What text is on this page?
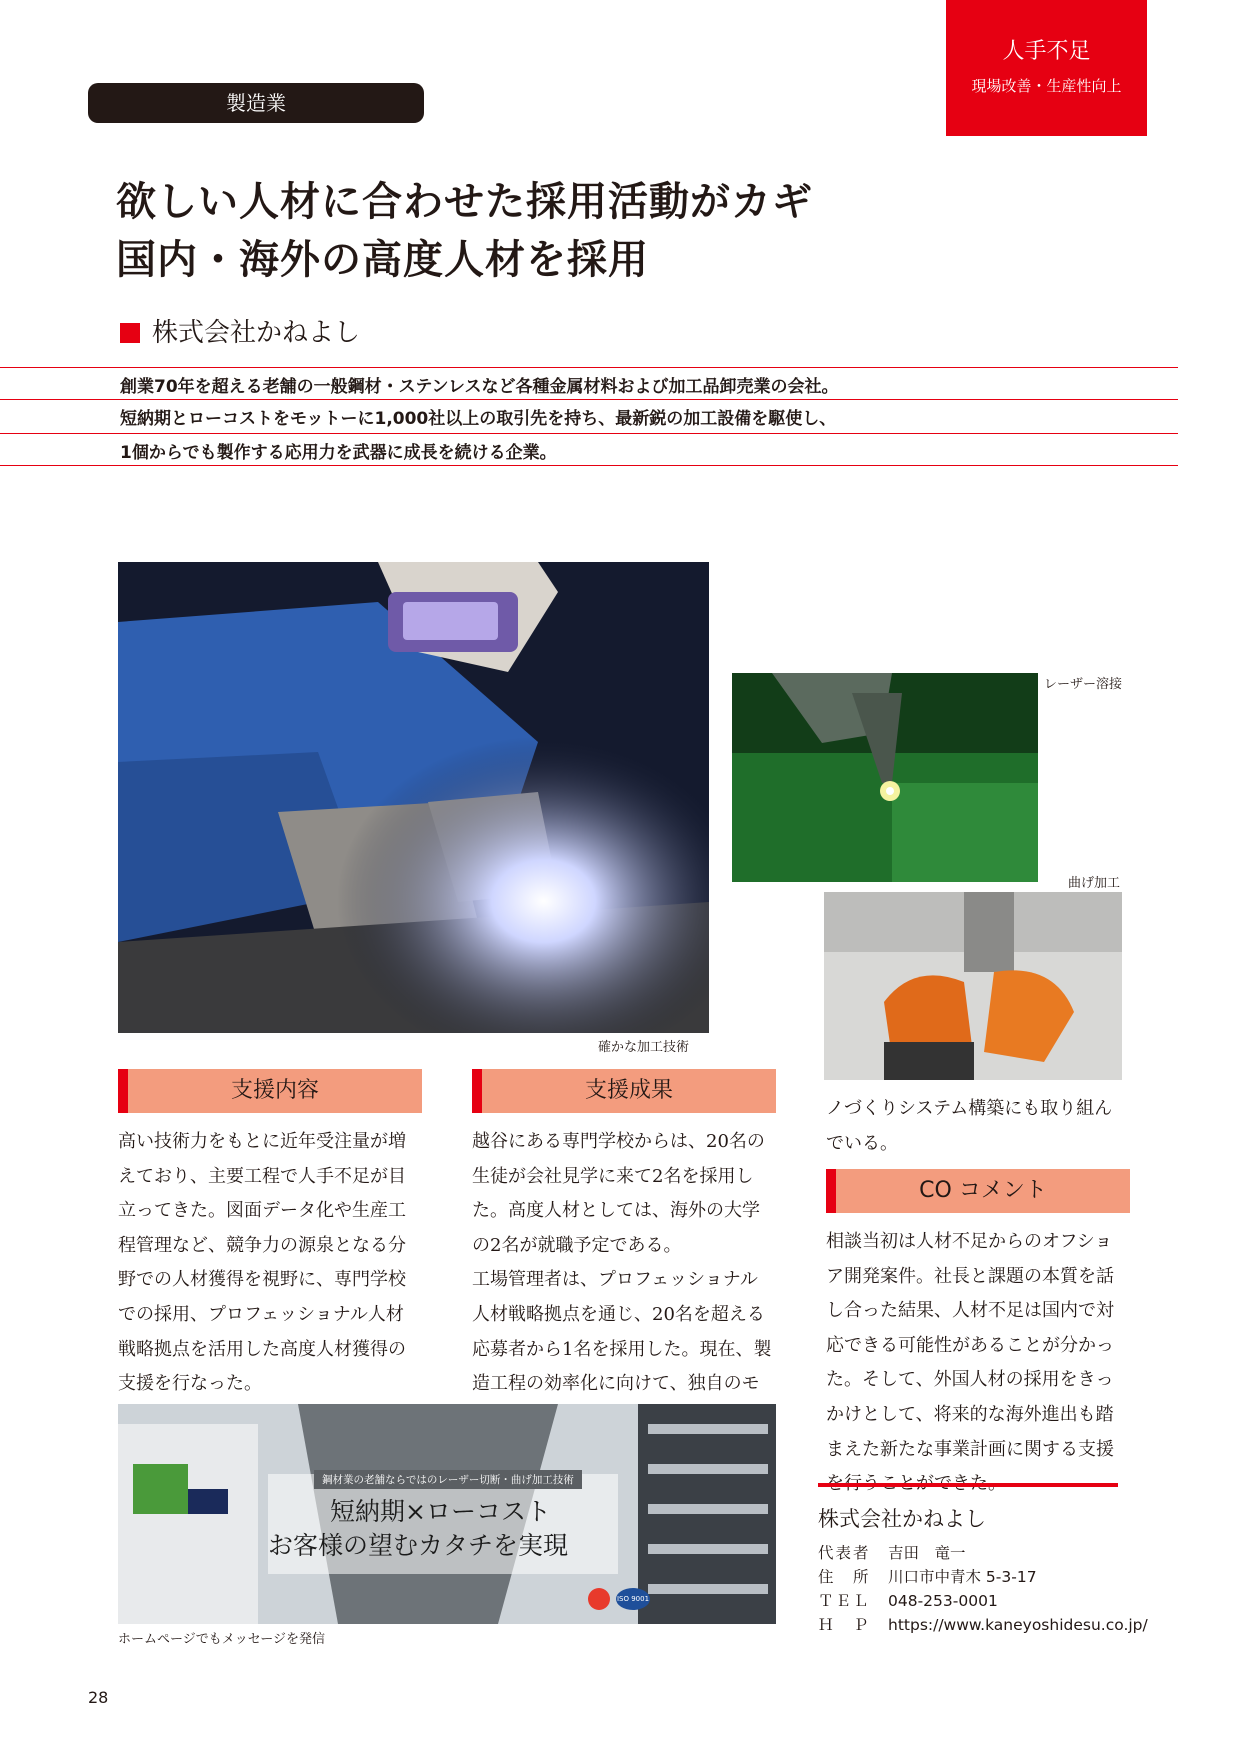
人手不足
現場改善・生産性向上
製造業
欲しい人材に合わせた採用活動がカギ
国内・海外の高度人材を採用
株式会社かねよし
創業70年を超える老舗の一般鋼材・ステンレスなど各種金属材料および加工品卸売業の会社。
短納期とローコストをモットーに1,000社以上の取引先を持ち、最新鋭の加工設備を駆使し、
1個からでも製作する応用力を武器に成長を続ける企業。
確かな加工技術
レーザー溶接
曲げ加工
支援内容

高い技術力をもとに近年受注量が増

えており、主要工程で人手不足が目

立ってきた。図面データ化や生産工

程管理など、競争力の源泉となる分

野での人材獲得を視野に、専門学校

での採用、プロフェッショナル人材

戦略拠点を活用した高度人材獲得の

支援を行なった。

支援成果

越谷にある専門学校からは、20名の

生徒が会社見学に来て2名を採用し

た。高度人材としては、海外の大学

の2名が就職予定である。

工場管理者は、プロフェッショナル

人材戦略拠点を通じ、20名を超える

応募者から1名を採用した。現在、製

造工程の効率化に向けて、独自のモ

ノづくりシステム構築にも取り組ん

でいる。

CO コメント

相談当初は人材不足からのオフショ

ア開発案件。社長と課題の本質を話

し合った結果、人材不足は国内で対

応できる可能性があることが分かっ

た。そして、外国人材の採用をきっ

かけとして、将来的な海外進出も踏

まえた新たな事業計画に関する支援

鋼材業の老舗ならではのレーザー切断・曲げ加工技術
短納期×ローコスト
お客様の望むカタチを実現
ISO 9001
ホームページでもメッセージを発信
株式会社かねよし
代表者 吉田　竜一
住　所 川口市中青木 5-3-17
ＴＥＬ 048-253-0001
Ｈ　Ｐ https://www.kaneyoshidesu.co.jp/
28
